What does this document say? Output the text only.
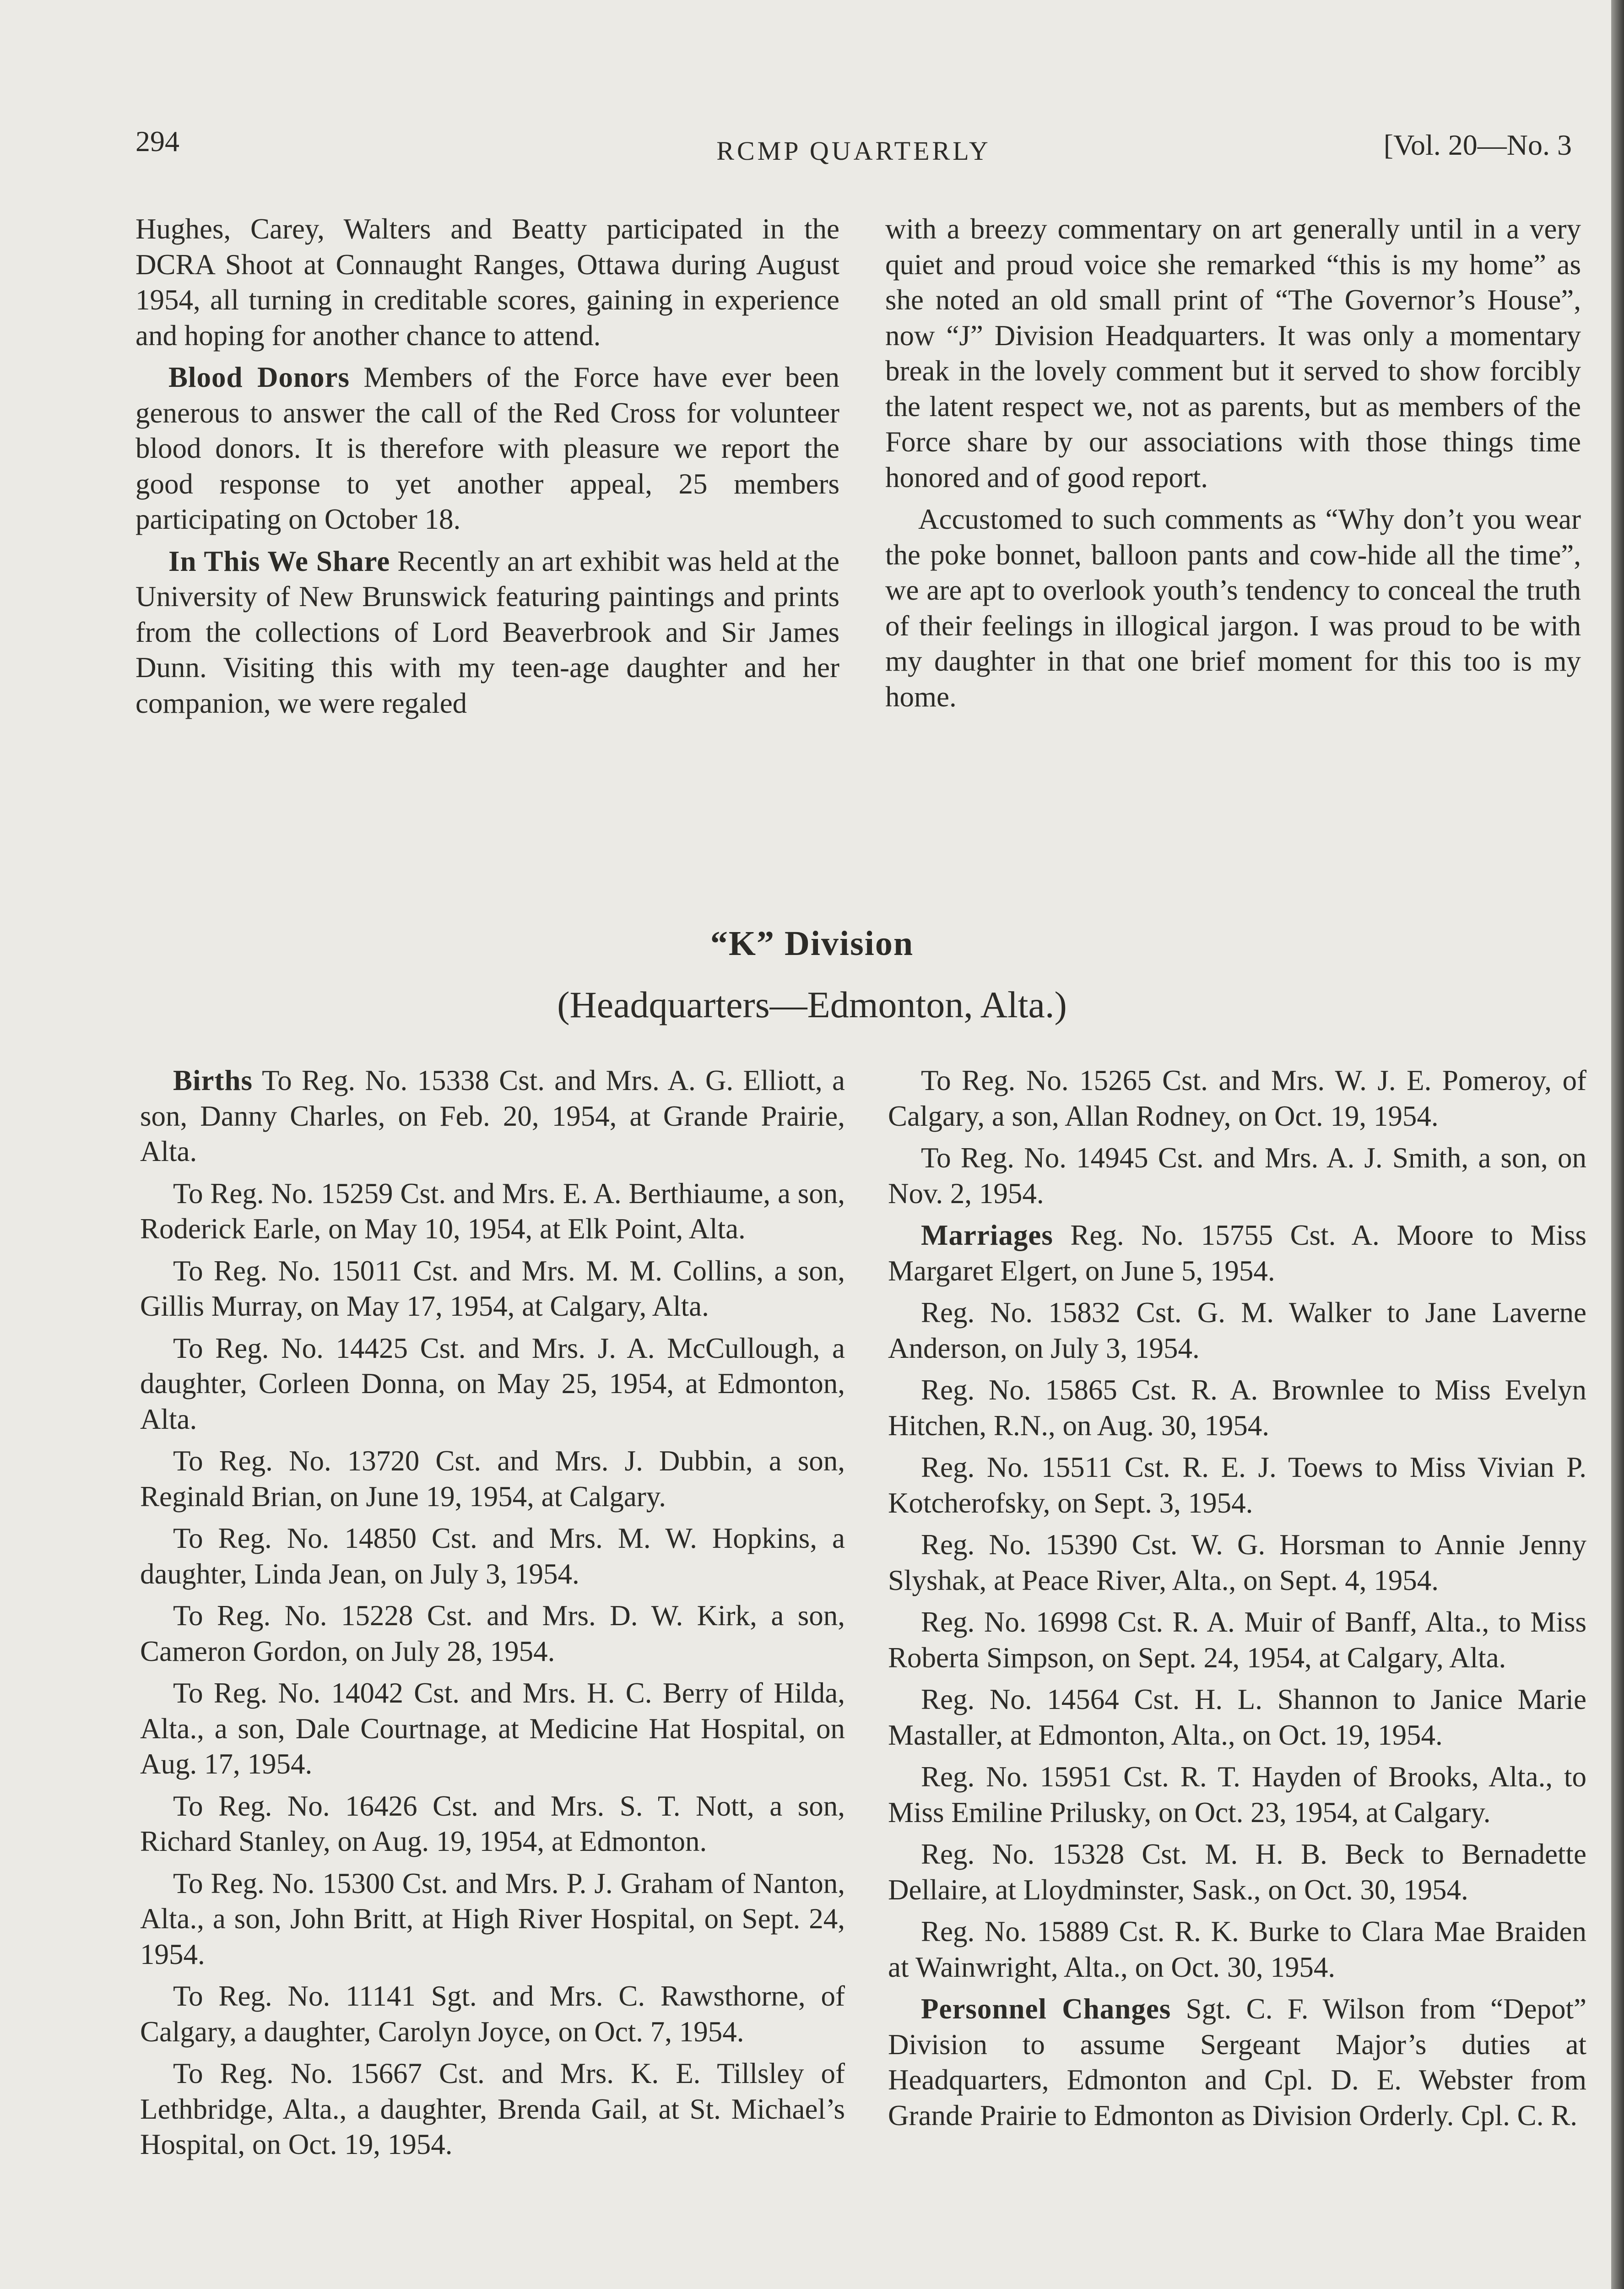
294	RCMP QUARTERLY	[Vol. 20—No. 3

Hughes, Carey, Walters and Beatty participated in the DCRA Shoot at Connaught Ranges, Ottawa during August 1954, all turning in creditable scores, gaining in experience and hoping for another chance to attend.

Blood Donors Members of the Force have ever been generous to answer the call of the Red Cross for volunteer blood donors. It is therefore with pleasure we report the good response to yet another appeal, 25 members participating on October 18.

In This We Share Recently an art exhibit was held at the University of New Brunswick featuring paintings and prints from the collections of Lord Beaverbrook and Sir James Dunn. Visiting this with my teen-age daughter and her companion, we were regaled

with a breezy commentary on art generally until in a very quiet and proud voice she remarked “this is my home” as she noted an old small print of “The Governor’s House”, now “J” Division Headquarters. It was only a momentary break in the lovely comment but it served to show forcibly the latent respect we, not as parents, but as members of the Force share by our associations with those things time honored and of good report.

Accustomed to such comments as “Why don’t you wear the poke bonnet, balloon pants and cow-hide all the time”, we are apt to overlook youth’s tendency to conceal the truth of their feelings in illogical jargon. I was proud to be with my daughter in that one brief moment for this too is my home.

“K” Division
(Headquarters—Edmonton, Alta.)

Births To Reg. No. 15338 Cst. and Mrs. A. G. Elliott, a son, Danny Charles, on Feb. 20, 1954, at Grande Prairie, Alta.

To Reg. No. 15259 Cst. and Mrs. E. A. Berthiaume, a son, Roderick Earle, on May 10, 1954, at Elk Point, Alta.

To Reg. No. 15011 Cst. and Mrs. M. M. Collins, a son, Gillis Murray, on May 17, 1954, at Calgary, Alta.

To Reg. No. 14425 Cst. and Mrs. J. A. McCullough, a daughter, Corleen Donna, on May 25, 1954, at Edmonton, Alta.

To Reg. No. 13720 Cst. and Mrs. J. Dubbin, a son, Reginald Brian, on June 19, 1954, at Calgary.

To Reg. No. 14850 Cst. and Mrs. M. W. Hopkins, a daughter, Linda Jean, on July 3, 1954.

To Reg. No. 15228 Cst. and Mrs. D. W. Kirk, a son, Cameron Gordon, on July 28, 1954.

To Reg. No. 14042 Cst. and Mrs. H. C. Berry of Hilda, Alta., a son, Dale Courtnage, at Medicine Hat Hospital, on Aug. 17, 1954.

To Reg. No. 16426 Cst. and Mrs. S. T. Nott, a son, Richard Stanley, on Aug. 19, 1954, at Edmonton.

To Reg. No. 15300 Cst. and Mrs. P. J. Graham of Nanton, Alta., a son, John Britt, at High River Hospital, on Sept. 24, 1954.

To Reg. No. 11141 Sgt. and Mrs. C. Rawsthorne, of Calgary, a daughter, Carolyn Joyce, on Oct. 7, 1954.

To Reg. No. 15667 Cst. and Mrs. K. E. Tillsley of Lethbridge, Alta., a daughter, Brenda Gail, at St. Michael’s Hospital, on Oct. 19, 1954.

To Reg. No. 15265 Cst. and Mrs. W. J. E. Pomeroy, of Calgary, a son, Allan Rodney, on Oct. 19, 1954.

To Reg. No. 14945 Cst. and Mrs. A. J. Smith, a son, on Nov. 2, 1954.

Marriages Reg. No. 15755 Cst. A. Moore to Miss Margaret Elgert, on June 5, 1954.

Reg. No. 15832 Cst. G. M. Walker to Jane Laverne Anderson, on July 3, 1954.

Reg. No. 15865 Cst. R. A. Brownlee to Miss Evelyn Hitchen, R.N., on Aug. 30, 1954.

Reg. No. 15511 Cst. R. E. J. Toews to Miss Vivian P. Kotcherofsky, on Sept. 3, 1954.

Reg. No. 15390 Cst. W. G. Horsman to Annie Jenny Slyshak, at Peace River, Alta., on Sept. 4, 1954.

Reg. No. 16998 Cst. R. A. Muir of Banff, Alta., to Miss Roberta Simpson, on Sept. 24, 1954, at Calgary, Alta.

Reg. No. 14564 Cst. H. L. Shannon to Janice Marie Mastaller, at Edmonton, Alta., on Oct. 19, 1954.

Reg. No. 15951 Cst. R. T. Hayden of Brooks, Alta., to Miss Emiline Prilusky, on Oct. 23, 1954, at Calgary.

Reg. No. 15328 Cst. M. H. B. Beck to Bernadette Dellaire, at Lloydminster, Sask., on Oct. 30, 1954.

Reg. No. 15889 Cst. R. K. Burke to Clara Mae Braiden at Wainwright, Alta., on Oct. 30, 1954.

Personnel Changes Sgt. C. F. Wilson from “Depot” Division to assume Sergeant Major’s duties at Headquarters, Edmonton and Cpl. D. E. Webster from Grande Prairie to Edmonton as Division Orderly. Cpl. C. R.
